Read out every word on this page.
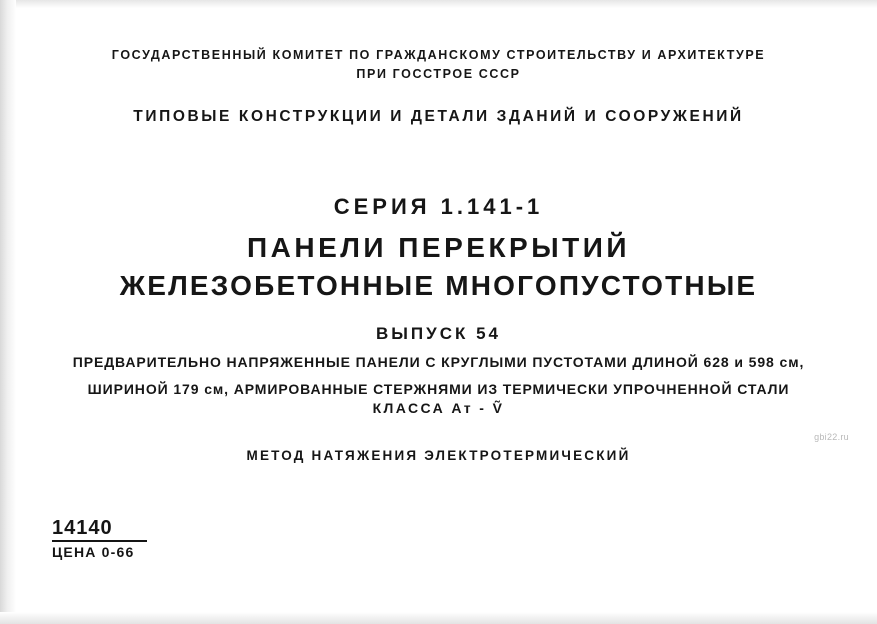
ГОСУДАРСТВЕННЫЙ КОМИТЕТ ПО ГРАЖДАНСКОМУ СТРОИТЕЛЬСТВУ И АРХИТЕКТУРЕ
ПРИ ГОССТРОЕ СССР
ТИПОВЫЕ КОНСТРУКЦИИ И ДЕТАЛИ ЗДАНИЙ И СООРУЖЕНИЙ
СЕРИЯ 1.141-1
ПАНЕЛИ ПЕРЕКРЫТИЙ
ЖЕЛЕЗОБЕТОННЫЕ МНОГОПУСТОТНЫЕ
ВЫПУСК 54
ПРЕДВАРИТЕЛЬНО НАПРЯЖЕННЫЕ ПАНЕЛИ С КРУГЛЫМИ ПУСТОТАМИ ДЛИНОЙ 628 и 598 см,
ШИРИНОЙ 179 см, АРМИРОВАННЫЕ СТЕРЖНЯМИ ИЗ ТЕРМИЧЕСКИ УПРОЧНЕННОЙ СТАЛИ
КЛАССА Ат - Ṽ
МЕТОД НАТЯЖЕНИЯ ЭЛЕКТРОТЕРМИЧЕСКИЙ
gbi22.ru
14140
ЦЕНА 0-66
